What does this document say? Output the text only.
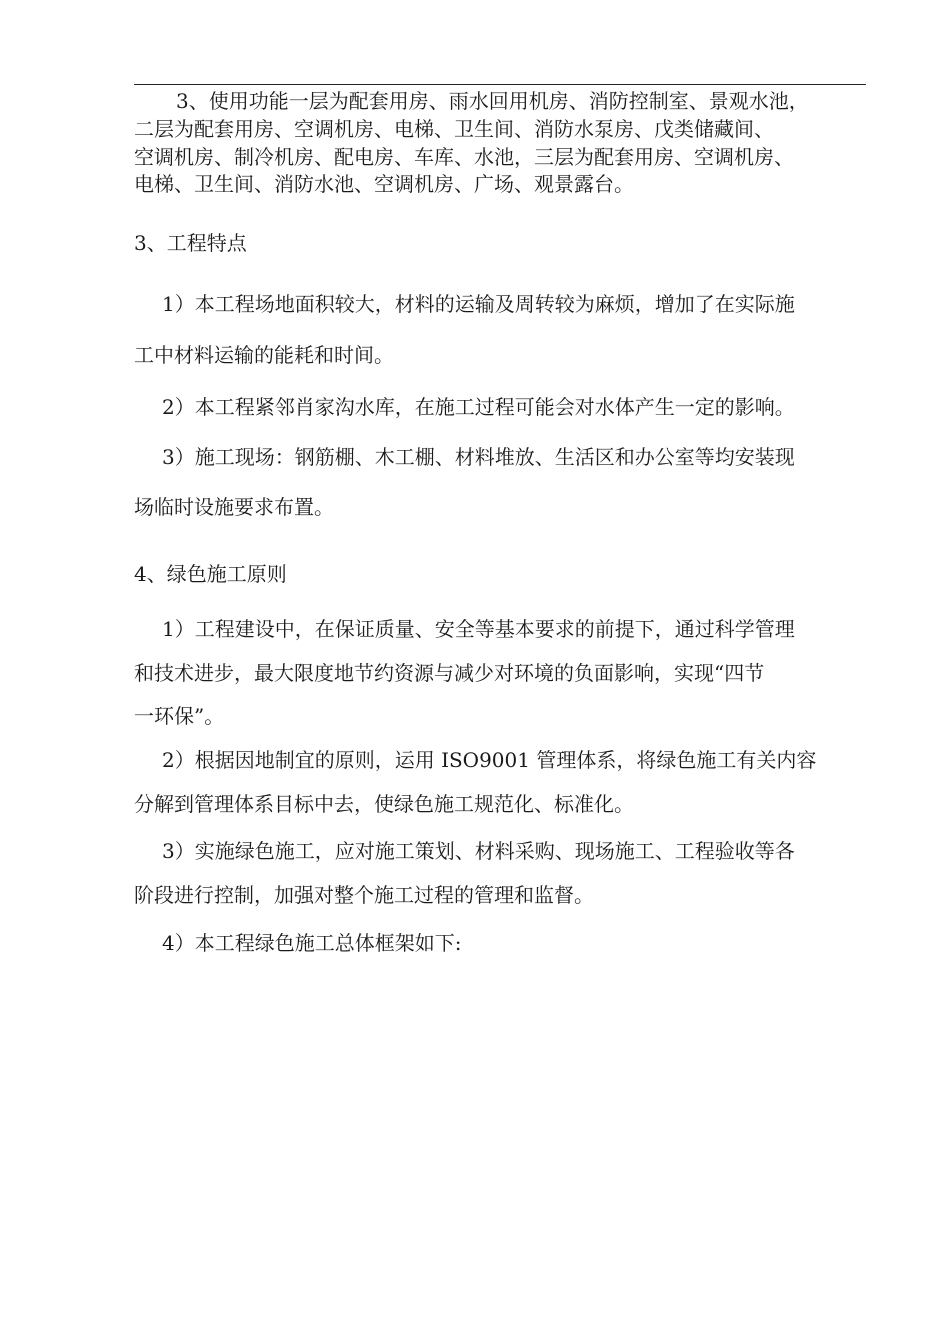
3、使用功能一层为配套用房、雨水回用机房、消防控制室、景观水池，
二层为配套用房、空调机房、电梯、卫生间、消防水泵房、戊类储藏间、
空调机房、制冷机房、配电房、车库、水池，三层为配套用房、空调机房、
电梯、卫生间、消防水池、空调机房、广场、观景露台。
3、工程特点
1）本工程场地面积较大，材料的运输及周转较为麻烦，增加了在实际施
工中材料运输的能耗和时间。
2）本工程紧邻肖家沟水库，在施工过程可能会对水体产生一定的影响。
3）施工现场：钢筋棚、木工棚、材料堆放、生活区和办公室等均安装现
场临时设施要求布置。
4、绿色施工原则
1）工程建设中，在保证质量、安全等基本要求的前提下，通过科学管理
和技术进步，最大限度地节约资源与减少对环境的负面影响，实现“四节
一环保”。
2）根据因地制宜的原则，运用 ISO9001 管理体系，将绿色施工有关内容
分解到管理体系目标中去，使绿色施工规范化、标准化。
3）实施绿色施工，应对施工策划、材料采购、现场施工、工程验收等各
阶段进行控制，加强对整个施工过程的管理和监督。
4）本工程绿色施工总体框架如下:
